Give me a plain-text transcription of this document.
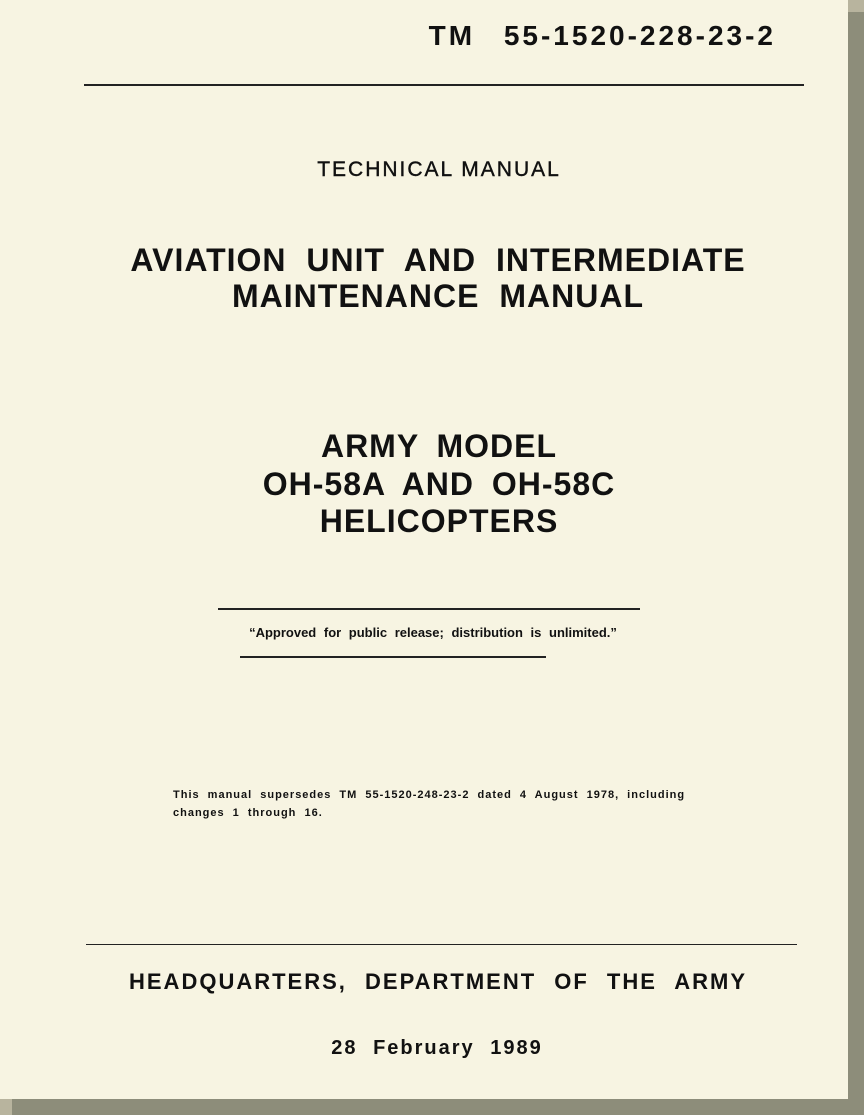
TM 55-1520-228-23-2
TECHNICAL MANUAL
AVIATION UNIT AND INTERMEDIATE
MAINTENANCE MANUAL
ARMY MODEL
OH-58A AND OH-58C
HELICOPTERS
“Approved for public release; distribution is unlimited.”
This manual supersedes TM 55-1520-248-23-2 dated 4 August 1978, including
changes 1 through 16.
HEADQUARTERS, DEPARTMENT OF THE ARMY
28 February 1989
